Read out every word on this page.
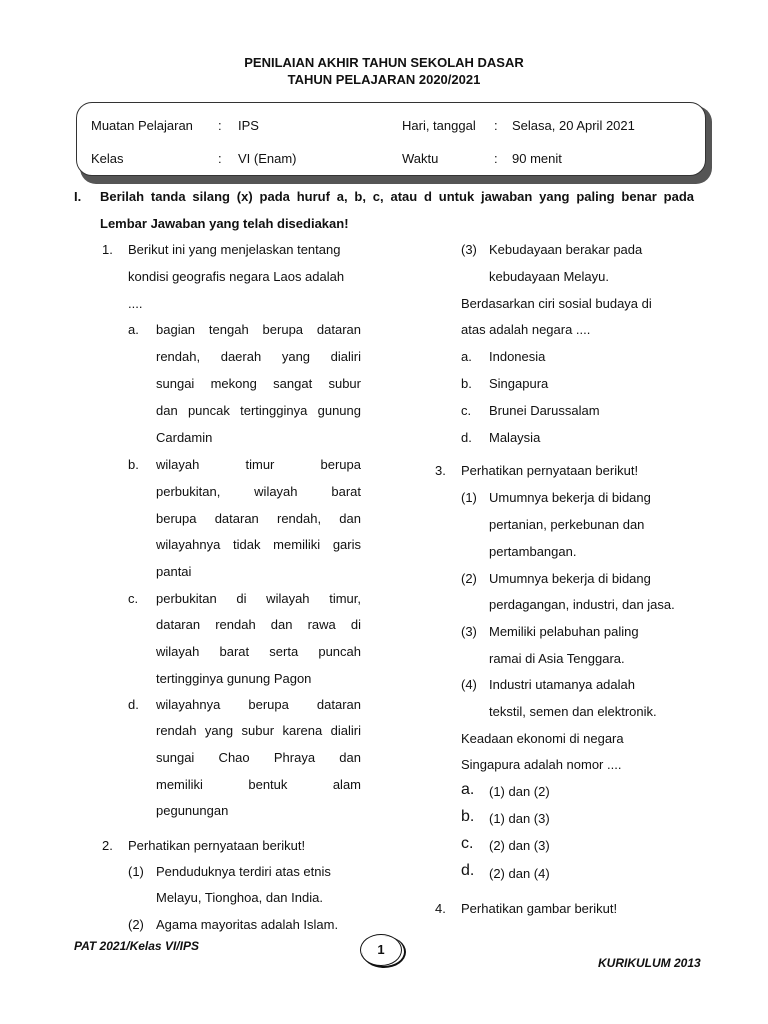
PENILAIAN AKHIR TAHUN SEKOLAH DASAR
TAHUN PELAJARAN 2020/2021
Muatan Pelajaran : IPS	Hari, tanggal : Selasa, 20 April 2021
Kelas	: VI (Enam)	Waktu	: 90 menit
I. Berilah tanda silang (x) pada huruf a, b, c, atau d untuk jawaban yang paling benar pada
Lembar Jawaban yang telah disediakan!
1. Berikut ini yang menjelaskan tentang
kondisi geografis negara Laos adalah
....
a. bagian tengah berupa dataran
rendah, daerah yang dialiri
sungai mekong sangat subur
dan puncak tertingginya gunung
Cardamin
b. wilayah timur berupa
perbukitan, wilayah barat
berupa dataran rendah, dan
wilayahnya tidak memiliki garis
pantai
c. perbukitan di wilayah timur,
dataran rendah dan rawa di
wilayah barat serta puncah
tertingginya gunung Pagon
d. wilayahnya berupa dataran
rendah yang subur karena dialiri
sungai Chao Phraya dan
memiliki bentuk alam
pegunungan
2. Perhatikan pernyataan berikut!
(1) Penduduknya terdiri atas etnis
Melayu, Tionghoa, dan India.
(2) Agama mayoritas adalah Islam.
(3) Kebudayaan berakar pada
kebudayaan Melayu.
Berdasarkan ciri sosial budaya di
atas adalah negara ....
a. Indonesia
b. Singapura
c. Brunei Darussalam
d. Malaysia
3. Perhatikan pernyataan berikut!
(1) Umumnya bekerja di bidang
pertanian, perkebunan dan
pertambangan.
(2) Umumnya bekerja di bidang
perdagangan, industri, dan jasa.
(3) Memiliki pelabuhan paling
ramai di Asia Tenggara.
(4) Industri utamanya adalah
tekstil, semen dan elektronik.
Keadaan ekonomi di negara
Singapura adalah nomor ....
a. (1) dan (2)
b. (1) dan (3)
c. (2) dan (3)
d. (2) dan (4)
4. Perhatikan gambar berikut!
PAT 2021/Kelas VI/IPS	1
KURIKULUM 2013
